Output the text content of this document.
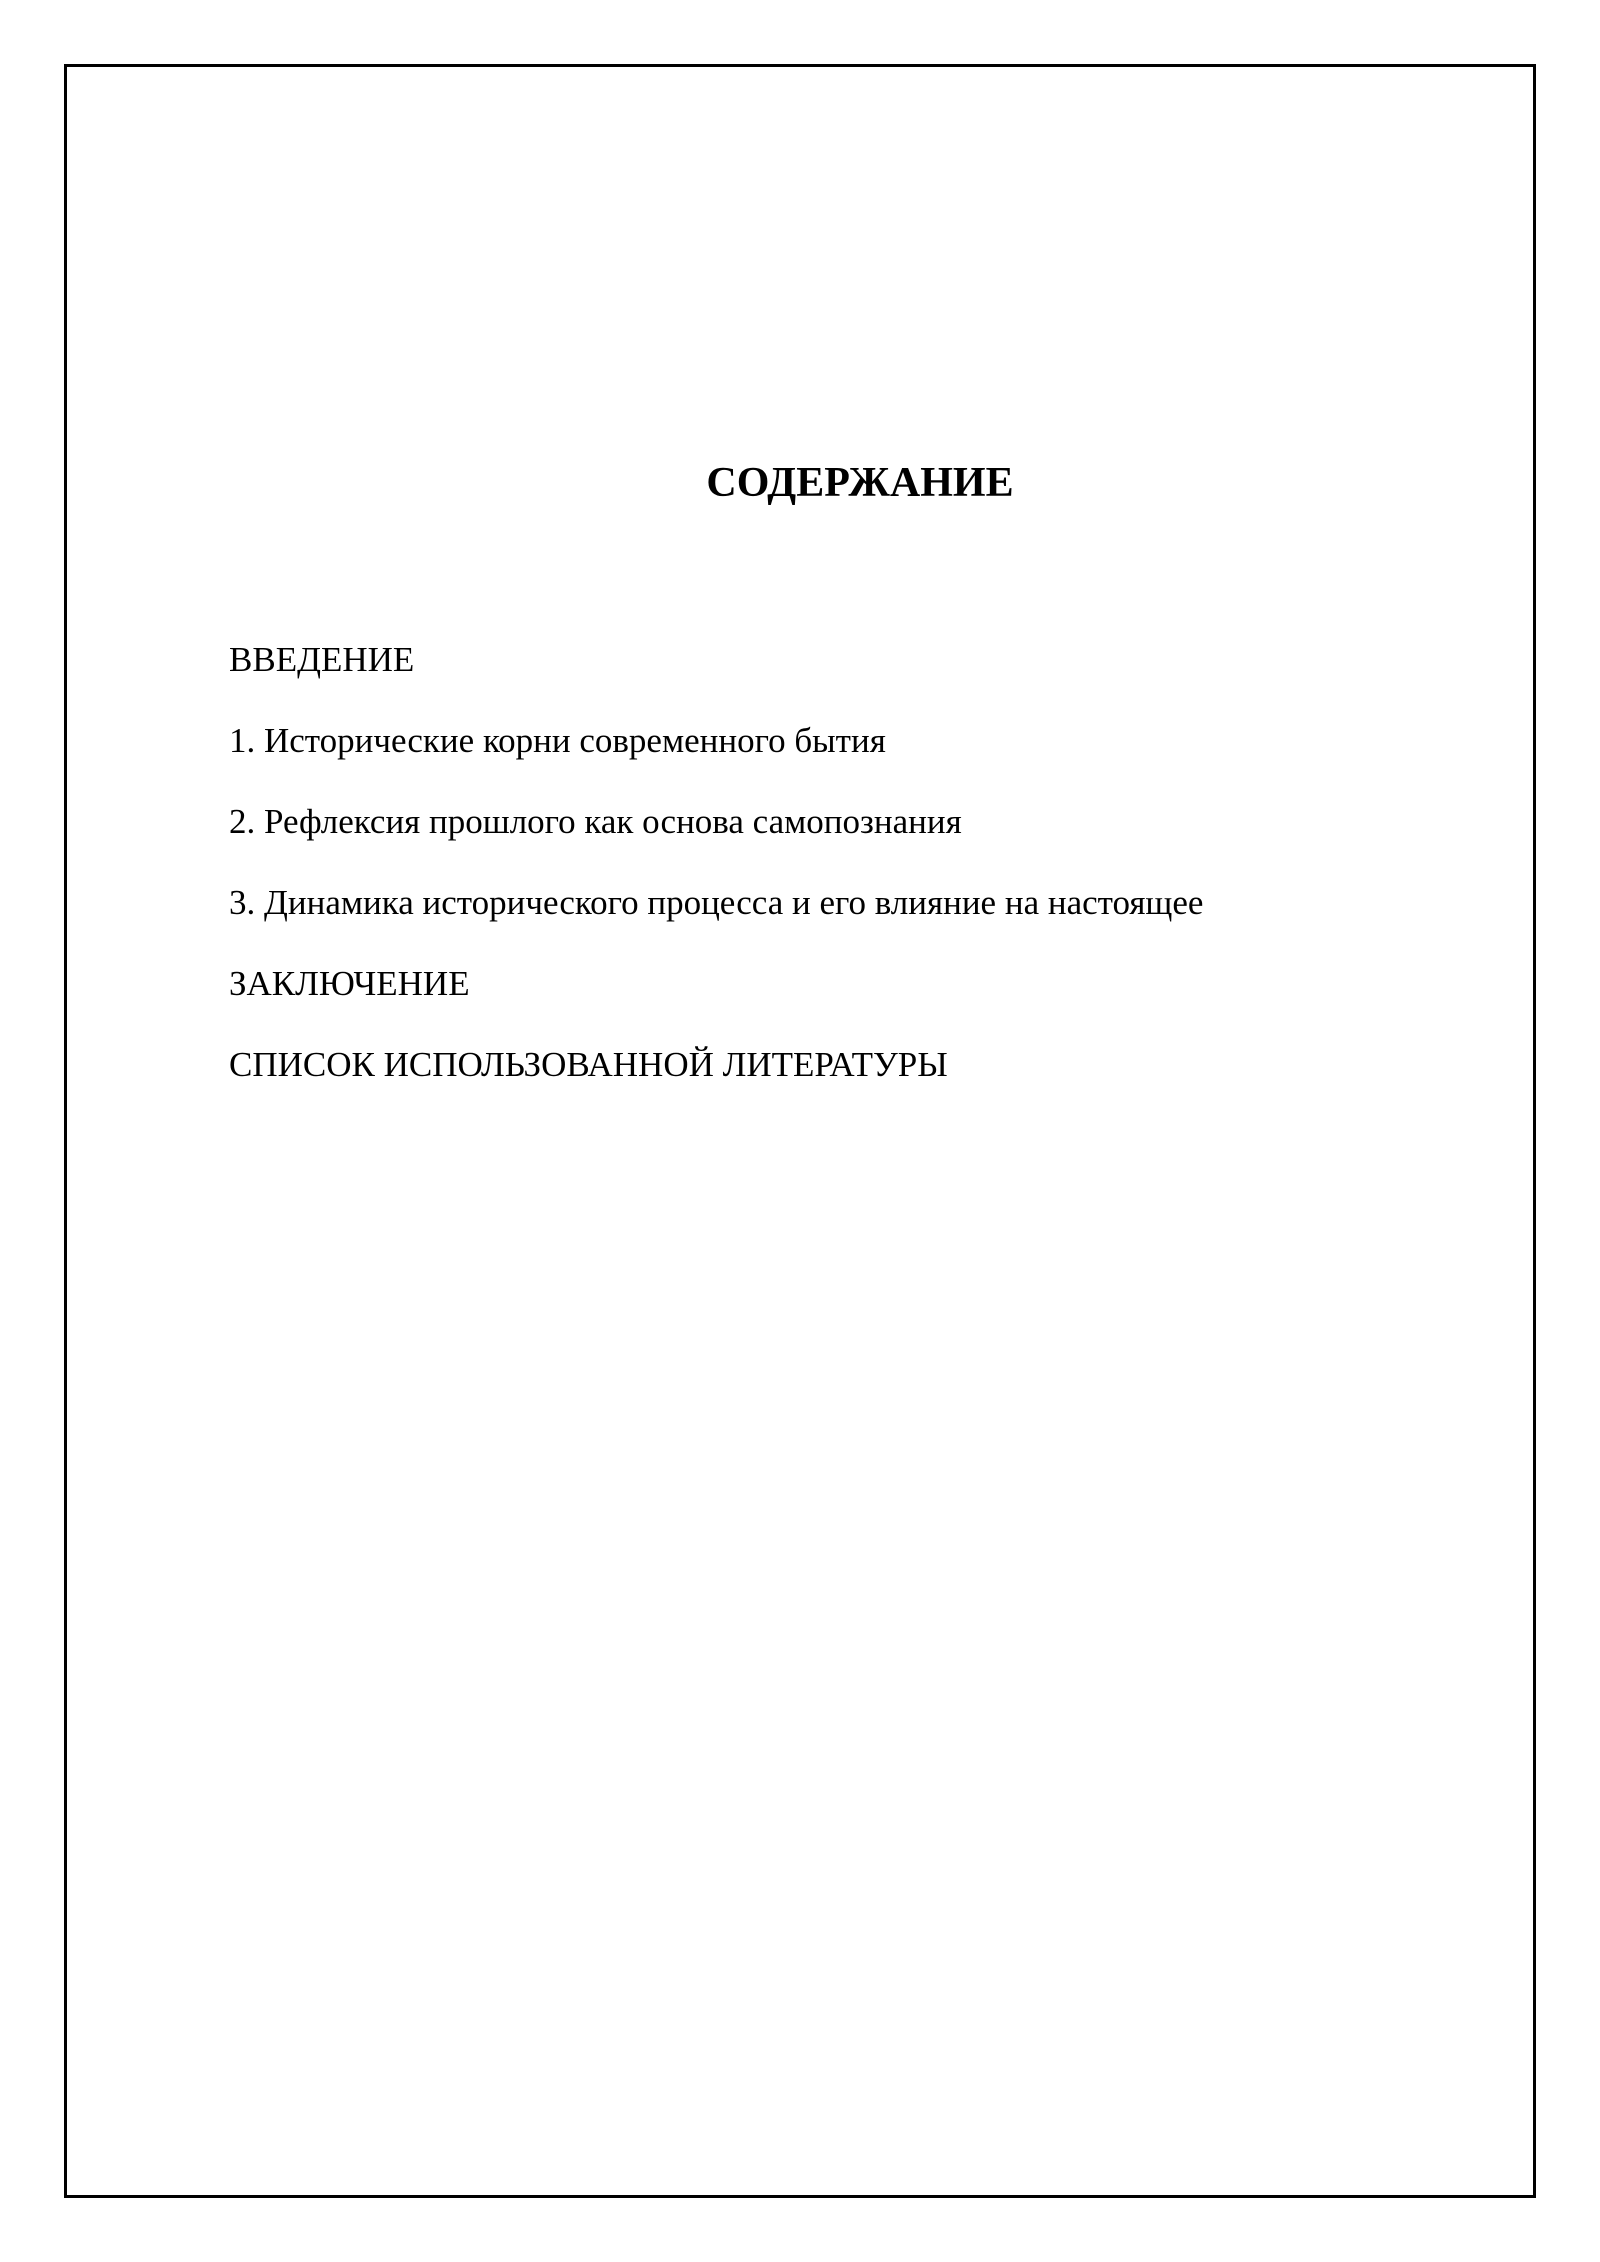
СОДЕРЖАНИЕ
ВВЕДЕНИЕ
1. Исторические корни современного бытия
2. Рефлексия прошлого как основа самопознания
3. Динамика исторического процесса и его влияние на настоящее
ЗАКЛЮЧЕНИЕ
СПИСОК ИСПОЛЬЗОВАННОЙ ЛИТЕРАТУРЫ
